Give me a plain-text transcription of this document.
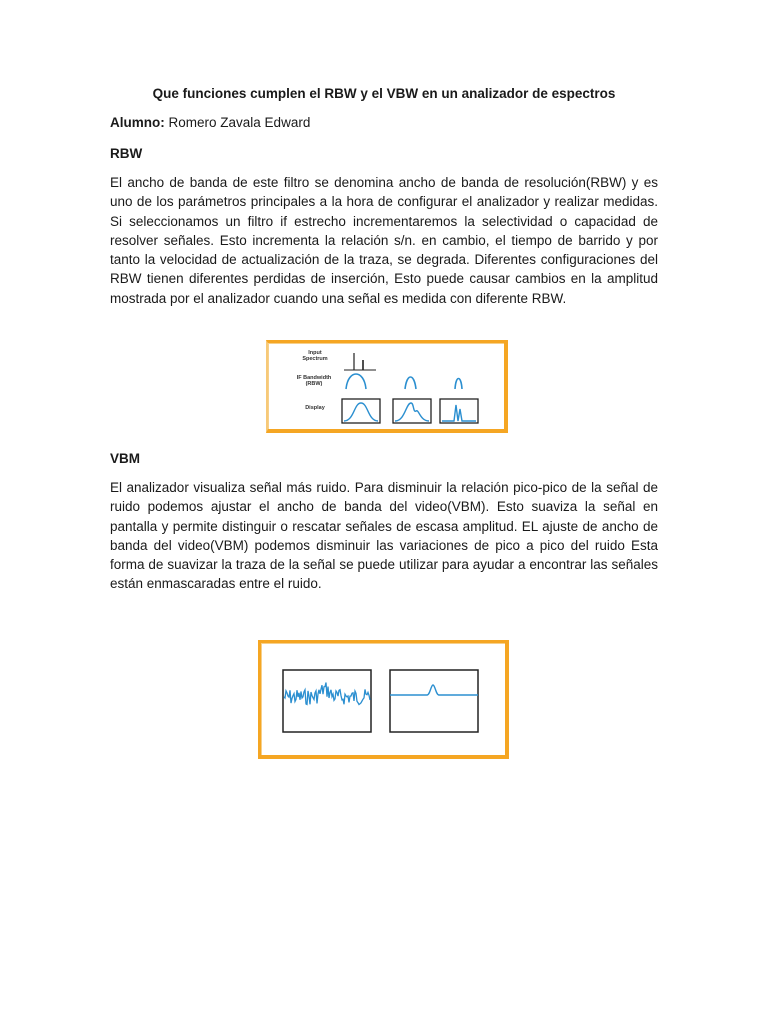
Que funciones cumplen el RBW y el VBW en un analizador de espectros
Alumno: Romero Zavala Edward
RBW
El ancho de banda de este filtro se denomina ancho de banda de resolución(RBW) y es uno de los parámetros principales a la hora de configurar el analizador y realizar medidas. Si seleccionamos un filtro if estrecho incrementaremos la selectividad o capacidad de resolver señales. Esto incrementa la relación s/n. en cambio, el tiempo de barrido y por tanto la velocidad de actualización de la traza, se degrada. Diferentes configuraciones del RBW tienen diferentes perdidas de inserción, Esto puede causar cambios en la amplitud mostrada por el analizador cuando una señal es medida con diferente RBW.
Input Spectrum
IF Bandwidth (RBW)
Display
VBM
El analizador visualiza señal más ruido. Para disminuir la relación pico-pico de la señal de ruido podemos ajustar el ancho de banda del video(VBM). Esto suaviza la señal en pantalla y permite distinguir o rescatar señales de escasa amplitud. EL ajuste de ancho de banda del video(VBM) podemos disminuir las variaciones de pico a pico del ruido Esta forma de suavizar la traza de la señal se puede utilizar para ayudar a encontrar las señales están enmascaradas entre el ruido.
